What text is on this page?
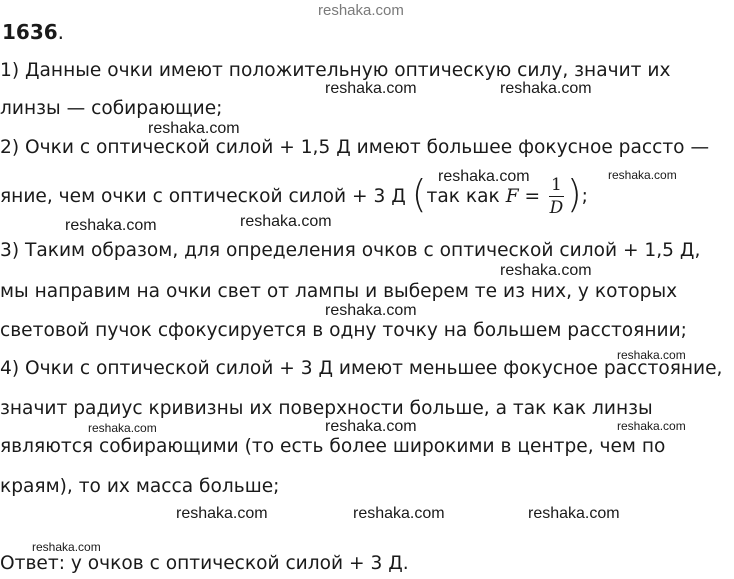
reshaka.com
1636.
1) Данные очки имеют положительную оптическую силу, значит их
reshaka.com	reshaka.com
линзы — собирающие;
reshaka.com
2) Очки с оптической силой + 1,5 Д имеют большее фокусное рассто —
reshaka.com	reshaka.com
яние, чем очки с оптической силой + 3 Д (так как $F = \frac{1}{D}$ );
reshaka.com	reshaka.com
3) Таким образом, для определения очков с оптической силой + 1,5 Д,
reshaka.com
мы направим на очки свет от лампы и выберем те из них, у которых
reshaka.com
световой пучок сфокусируется в одну точку на большем расстоянии;
reshaka.com
4) Очки с оптической силой + 3 Д имеют меньшее фокусное расстояние,
значит радиус кривизны их поверхности больше, а так как линзы
reshaka.com	reshaka.com	reshaka.com
являются собирающими (то есть более широкими в центре, чем по
краям), то их масса больше;
reshaka.com	reshaka.com	reshaka.com
reshaka.com
Ответ: у очков с оптической силой + 3 Д.
